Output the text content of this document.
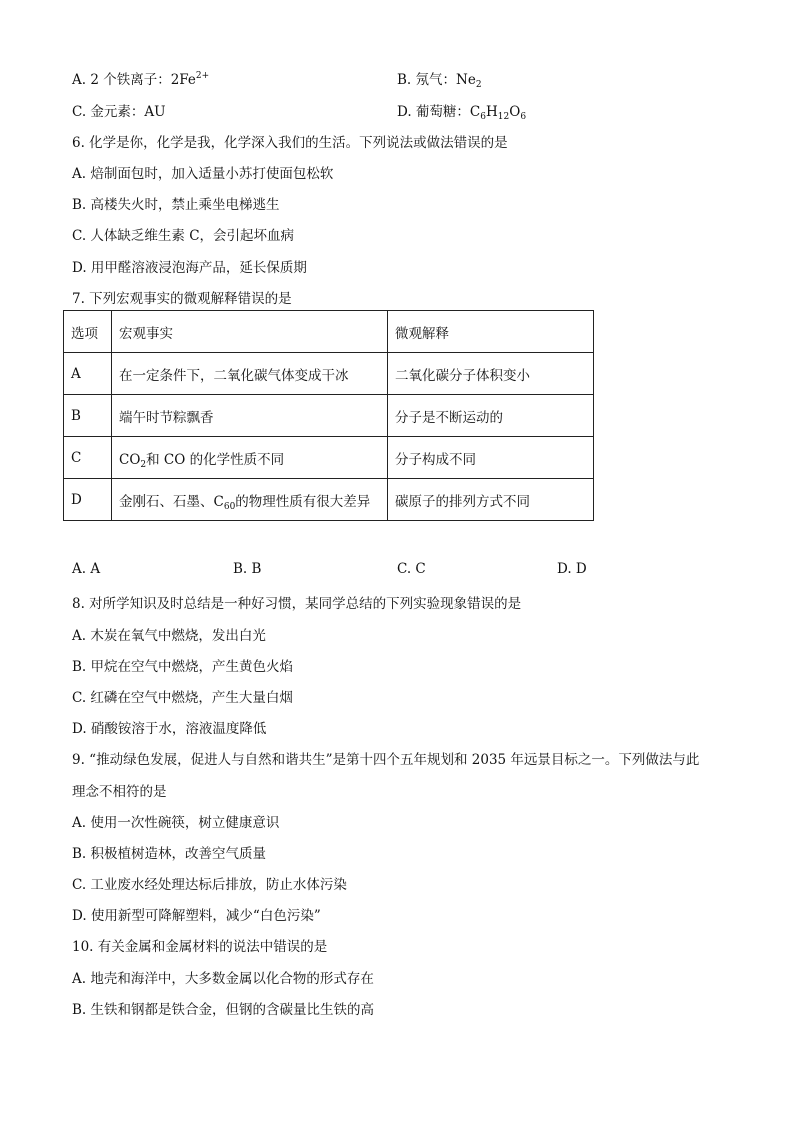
A. 2 个铁离子：$2Fe^{2+}$	B. 氖气：$Ne_2$
C. 金元素：AU	D. 葡萄糖：$C_6H_{12}O_6$
6. 化学是你，化学是我，化学深入我们的生活。下列说法或做法错误的是
A. 焙制面包时，加入适量小苏打使面包松软
B. 高楼失火时，禁止乘坐电梯逃生
C. 人体缺乏维生素 C，会引起坏血病
D. 用甲醛溶液浸泡海产品，延长保质期
7. 下列宏观事实的微观解释错误的是
选项	宏观事实	微观解释
A	在一定条件下，二氧化碳气体变成干冰	二氧化碳分子体积变小
B	端午时节粽飘香	分子是不断运动的
C	$CO_2$和 CO 的化学性质不同	分子构成不同
D	金刚石、石墨、$C_{60}$的物理性质有很大差异	碳原子的排列方式不同
A. A	B. B	C. C	D. D
8. 对所学知识及时总结是一种好习惯，某同学总结的下列实验现象错误的是
A. 木炭在氧气中燃烧，发出白光
B. 甲烷在空气中燃烧，产生黄色火焰
C. 红磷在空气中燃烧，产生大量白烟
D. 硝酸铵溶于水，溶液温度降低
9. “推动绿色发展，促进人与自然和谐共生”是第十四个五年规划和 2035 年远景目标之一。下列做法与此
理念不相符的是
A. 使用一次性碗筷，树立健康意识
B. 积极植树造林，改善空气质量
C. 工业废水经处理达标后排放，防止水体污染
D. 使用新型可降解塑料，减少“白色污染”
10. 有关金属和金属材料的说法中错误的是
A. 地壳和海洋中，大多数金属以化合物的形式存在
B. 生铁和钢都是铁合金，但钢的含碳量比生铁的高
